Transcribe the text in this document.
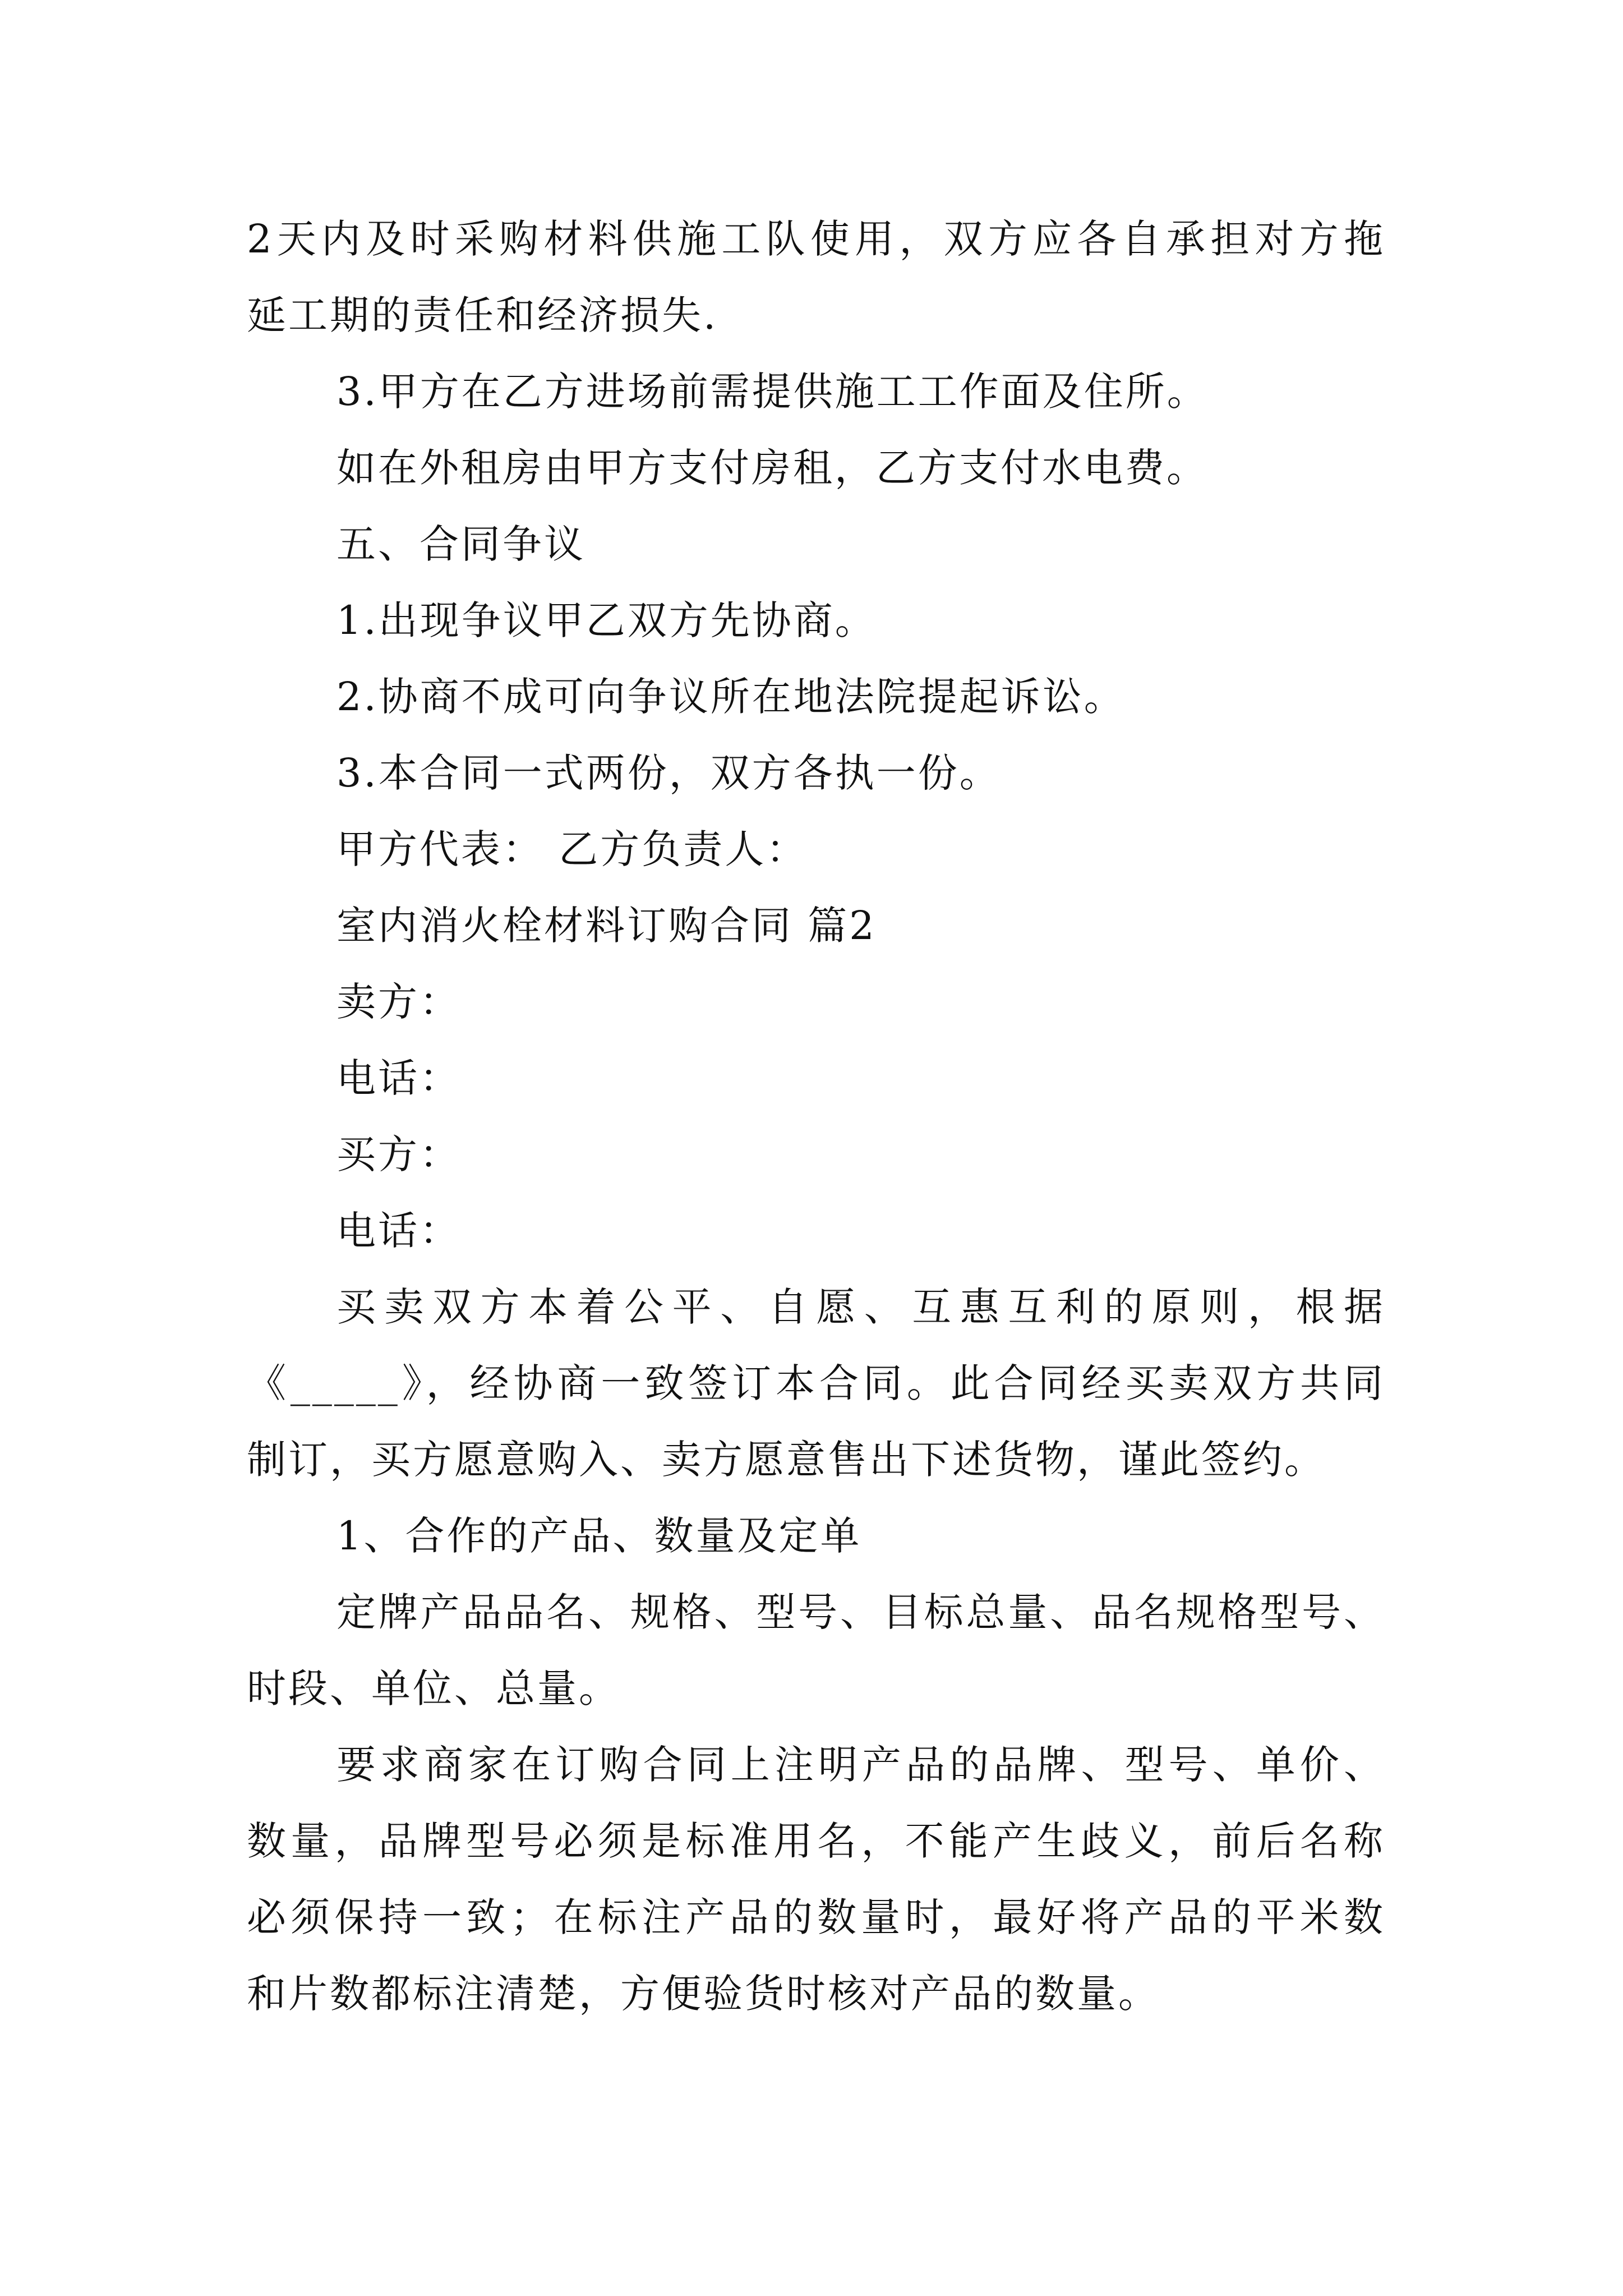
2天内及时采购材料供施工队使用，双方应各自承担对方拖
延工期的责任和经济损失.
3.甲方在乙方进场前需提供施工工作面及住所。
如在外租房由甲方支付房租，乙方支付水电费。
五、合同争议
1.出现争议甲乙双方先协商。
2.协商不成可向争议所在地法院提起诉讼。
3.本合同一式两份，双方各执一份。
甲方代表： 乙方负责人：
室内消火栓材料订购合同 篇2
卖方：
电话：
买方：
电话：
买卖双方本着公平、自愿、互惠互利的原则，根据
《_____》，经协商一致签订本合同。此合同经买卖双方共同
制订，买方愿意购入、卖方愿意售出下述货物，谨此签约。
1、合作的产品、数量及定单
定牌产品品名、规格、型号、目标总量、品名规格型号、
时段、单位、总量。
要求商家在订购合同上注明产品的品牌、型号、单价、
数量，品牌型号必须是标准用名，不能产生歧义，前后名称
必须保持一致；在标注产品的数量时，最好将产品的平米数
和片数都标注清楚，方便验货时核对产品的数量。
